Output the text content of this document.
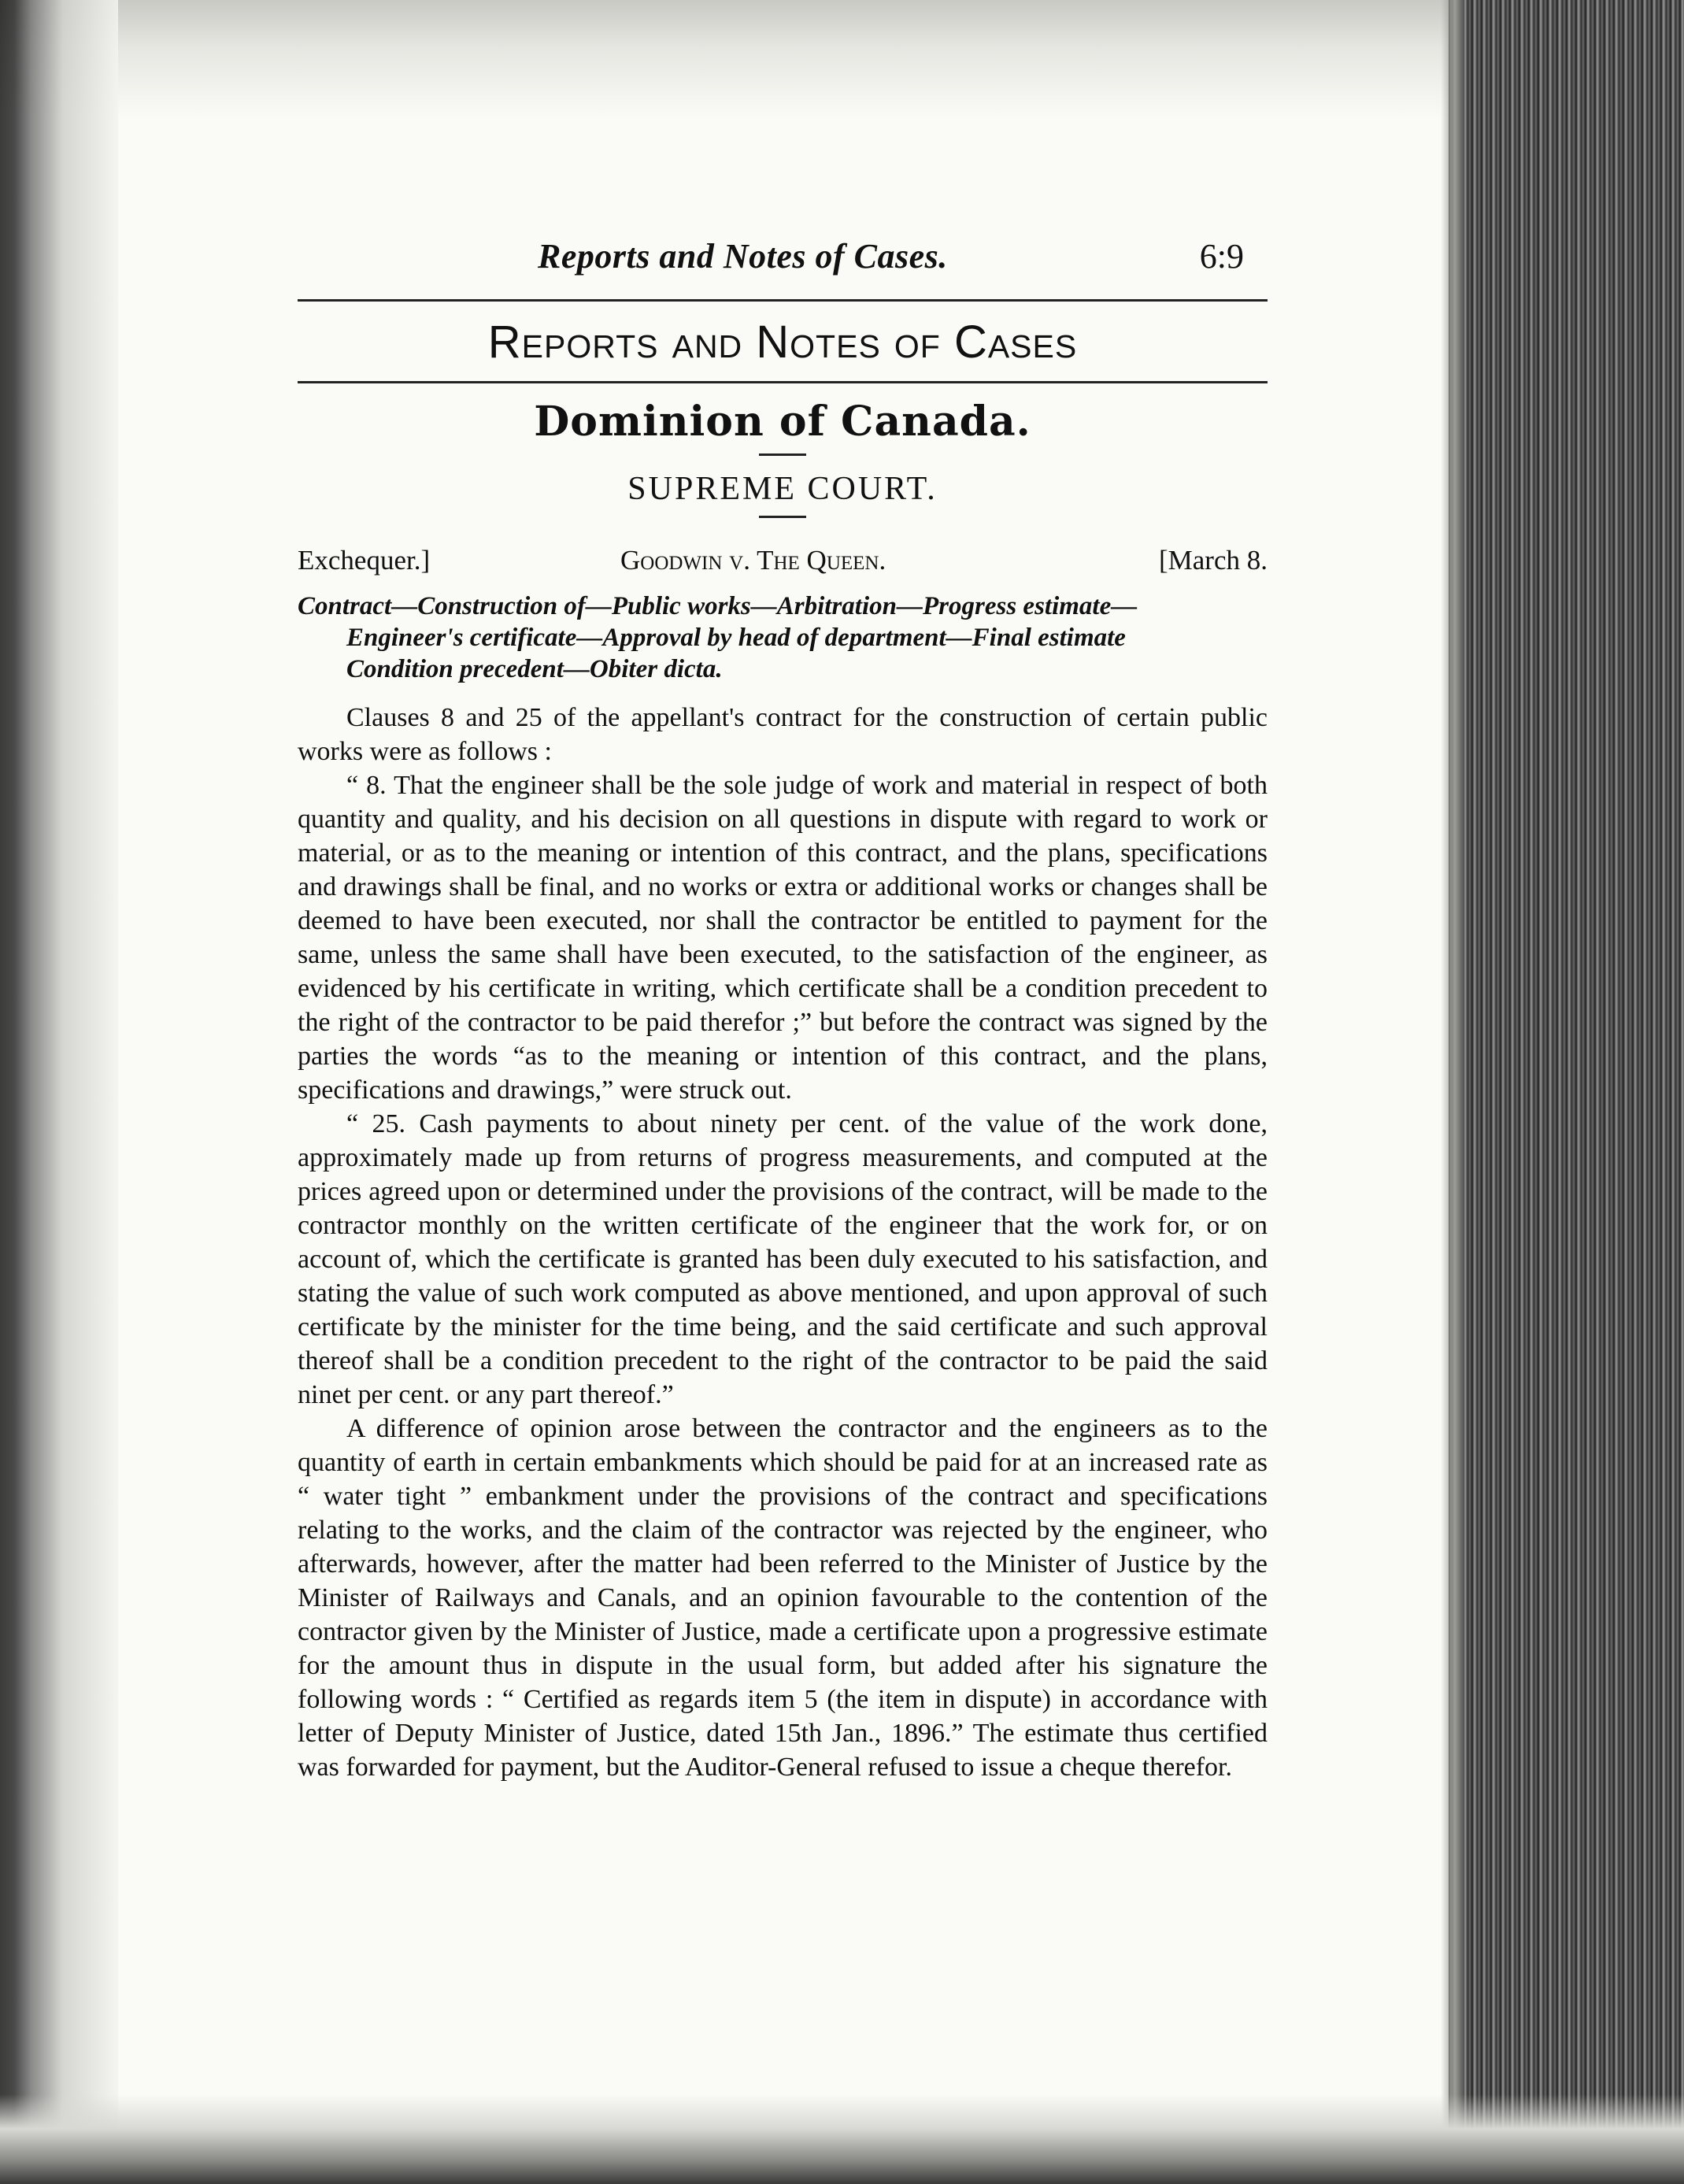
Reports and Notes of Cases.	6:9
Reports and Notes of Cases
Dominion of Canada.
SUPREME COURT.
Exchequer.]	Goodwin v. The Queen.	[March 8.
Contract—Construction of—Public works—Arbitration—Progress estimate—
Engineer's certificate—Approval by head of department—Final estimate
Condition precedent—Obiter dicta.

Clauses 8 and 25 of the appellant's contract for the construction of certain public works were as follows :

“ 8. That the engineer shall be the sole judge of work and material in respect of both quantity and quality, and his decision on all questions in dispute with regard to work or material, or as to the meaning or intention of this contract, and the plans, specifications and drawings shall be final, and no works or extra or additional works or changes shall be deemed to have been executed, nor shall the contractor be entitled to payment for the same, unless the same shall have been executed, to the satisfaction of the engineer, as evidenced by his certificate in writing, which certificate shall be a condition precedent to the right of the contractor to be paid therefor ;” but before the contract was signed by the parties the words “as to the meaning or intention of this contract, and the plans, specifications and drawings,” were struck out.

“ 25. Cash payments to about ninety per cent. of the value of the work done, approximately made up from returns of progress measurements, and computed at the prices agreed upon or determined under the provisions of the contract, will be made to the contractor monthly on the written certificate of the engineer that the work for, or on account of, which the certificate is granted has been duly executed to his satisfaction, and stating the value of such work computed as above mentioned, and upon approval of such certificate by the minister for the time being, and the said certificate and such approval thereof shall be a condition precedent to the right of the contractor to be paid the said ninet per cent. or any part thereof.”

A difference of opinion arose between the contractor and the engineers as to the quantity of earth in certain embankments which should be paid for at an increased rate as “ water tight ” embankment under the provisions of the contract and specifications relating to the works, and the claim of the contractor was rejected by the engineer, who afterwards, however, after the matter had been referred to the Minister of Justice by the Minister of Railways and Canals, and an opinion favourable to the contention of the contractor given by the Minister of Justice, made a certificate upon a progressive estimate for the amount thus in dispute in the usual form, but added after his signature the following words : “ Certified as regards item 5 (the item in dispute) in accordance with letter of Deputy Minister of Justice, dated 15th Jan., 1896.” The estimate thus certified was forwarded for payment, but the Auditor-General refused to issue a cheque therefor.
